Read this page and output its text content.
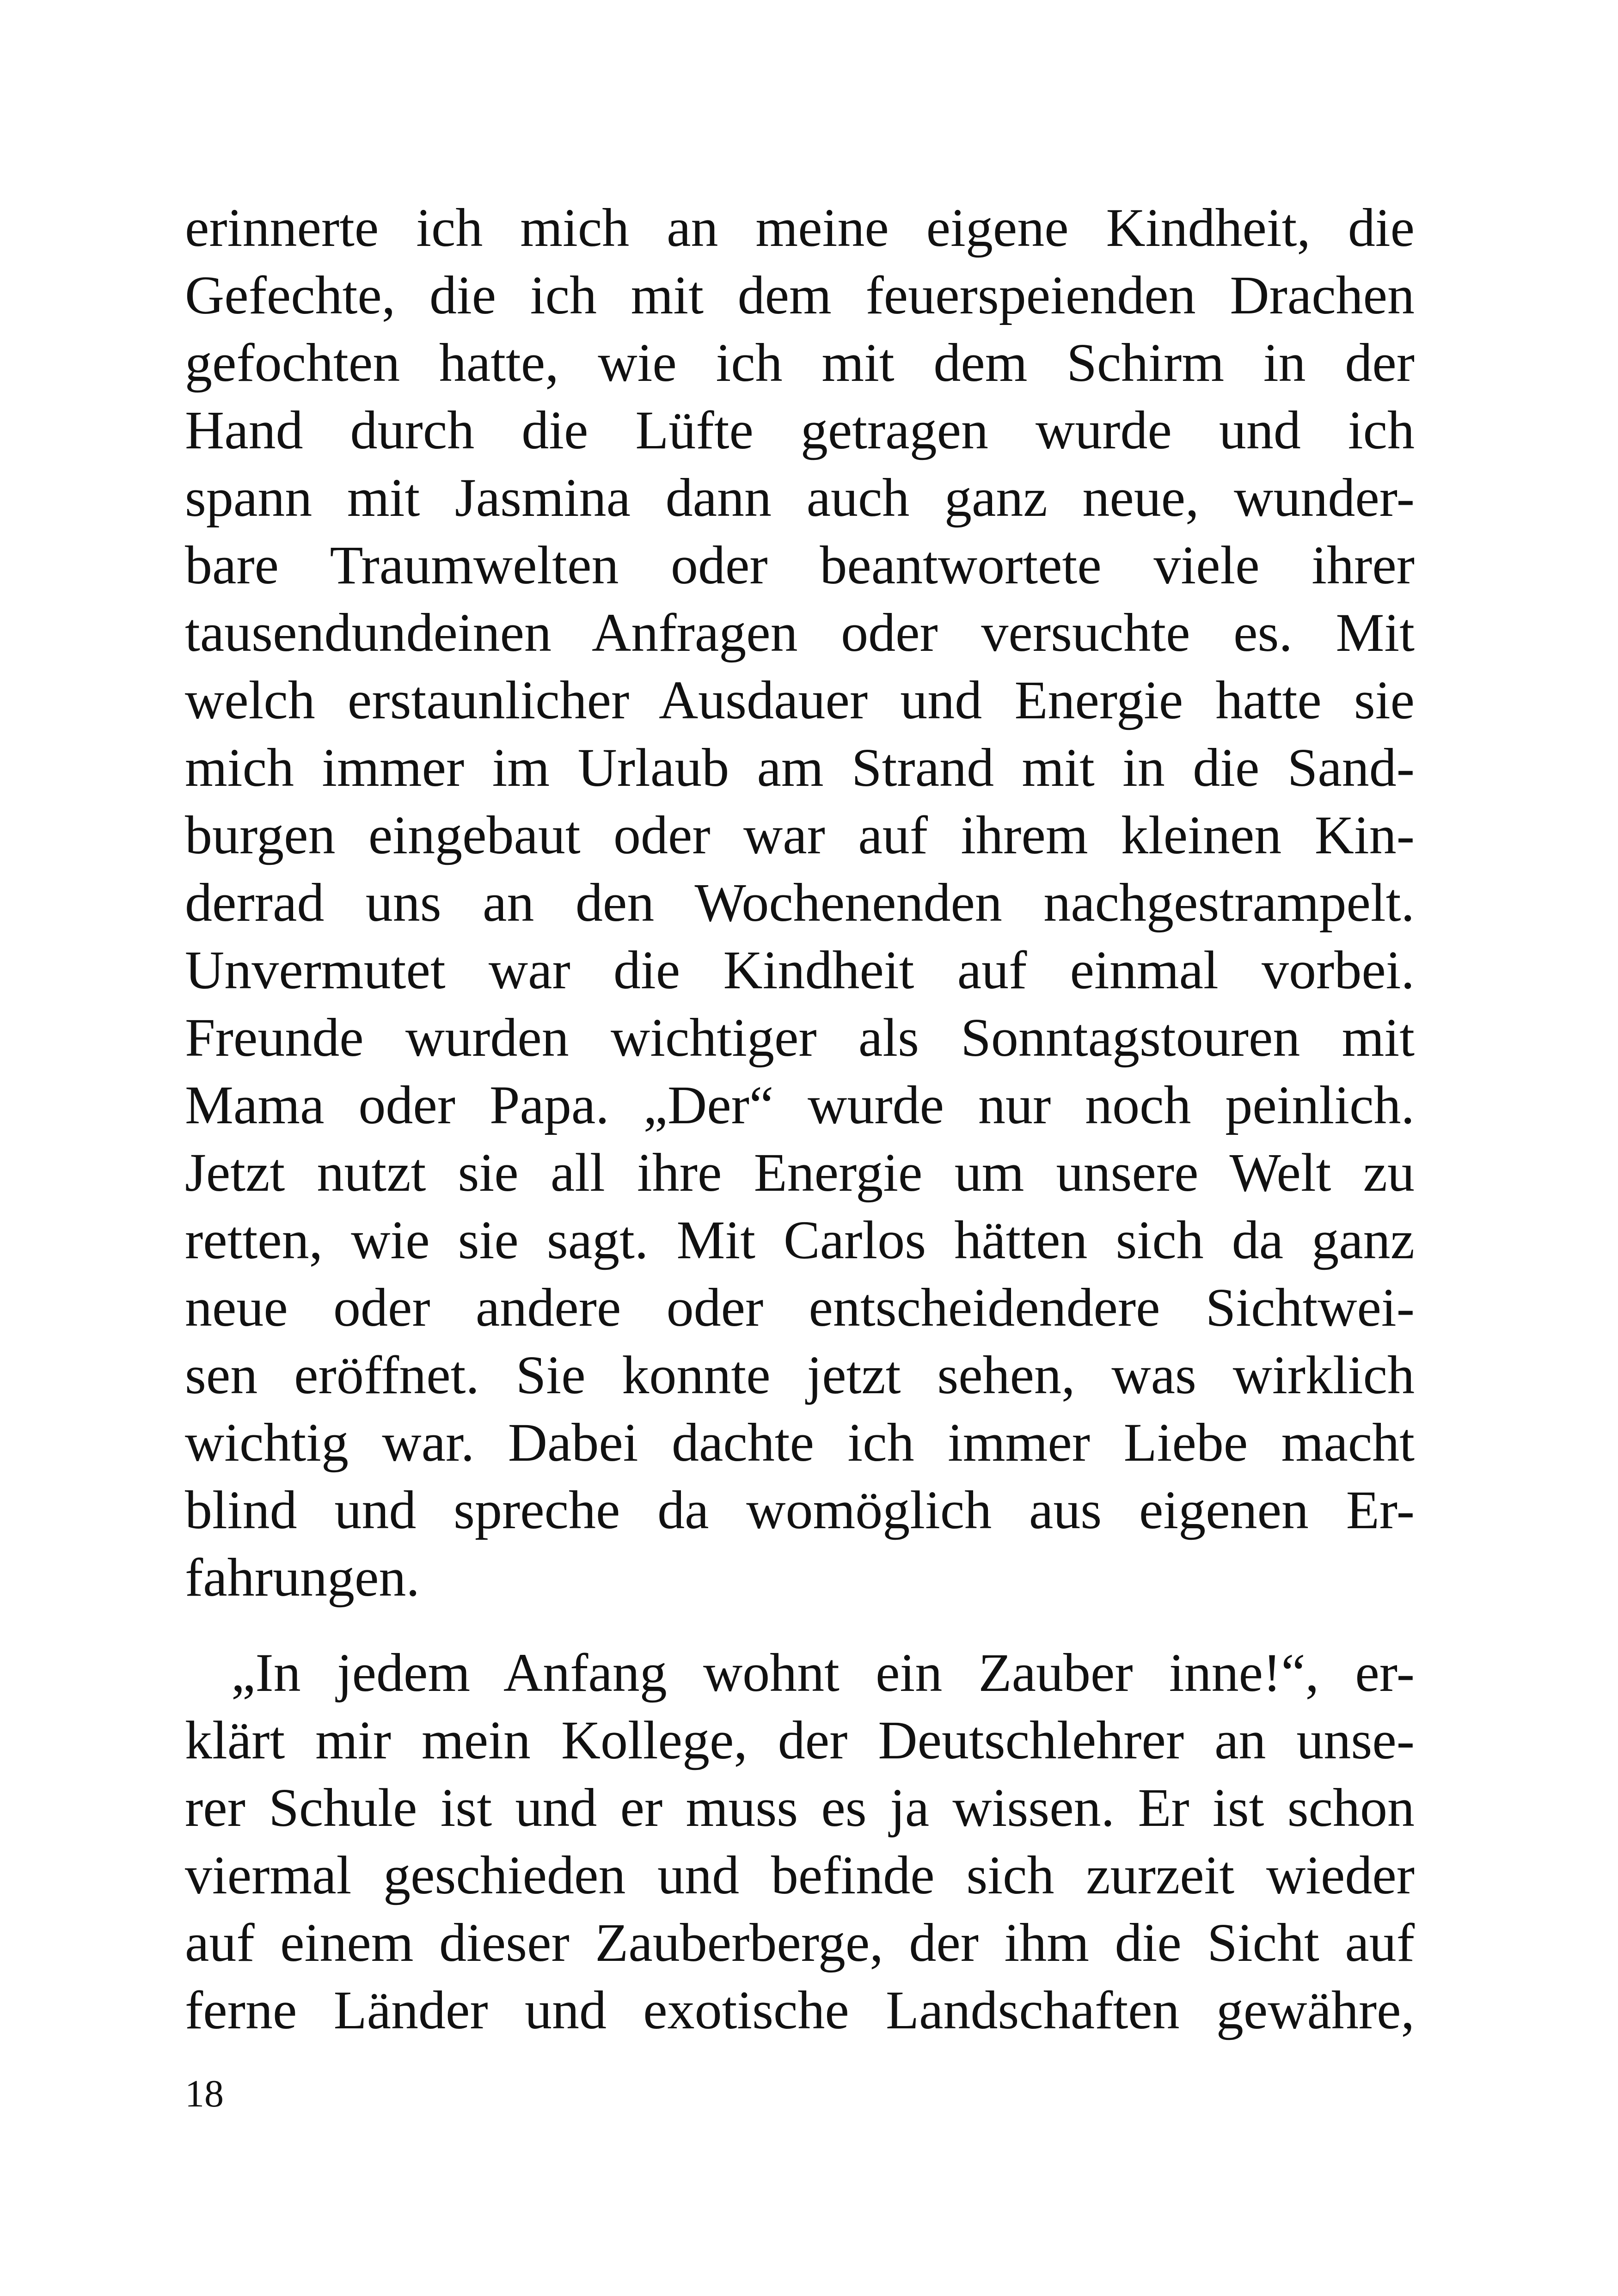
erinnerte ich mich an meine eigene Kindheit, die
Gefechte, die ich mit dem feuerspeienden Drachen
gefochten hatte, wie ich mit dem Schirm in der
Hand durch die Lüfte getragen wurde und ich
spann mit Jasmina dann auch ganz neue, wunder-
bare Traumwelten oder beantwortete viele ihrer
tausendundeinen Anfragen oder versuchte es. Mit
welch erstaunlicher Ausdauer und Energie hatte sie
mich immer im Urlaub am Strand mit in die Sand-
burgen eingebaut oder war auf ihrem kleinen Kin-
derrad uns an den Wochenenden nachgestrampelt.
Unvermutet war die Kindheit auf einmal vorbei.
Freunde wurden wichtiger als Sonntagstouren mit
Mama oder Papa. „Der“ wurde nur noch peinlich.
Jetzt nutzt sie all ihre Energie um unsere Welt zu
retten, wie sie sagt. Mit Carlos hätten sich da ganz
neue oder andere oder entscheidendere Sichtwei-
sen eröffnet. Sie konnte jetzt sehen, was wirklich
wichtig war. Dabei dachte ich immer Liebe macht
blind und spreche da womöglich aus eigenen Er-
fahrungen.
„In jedem Anfang wohnt ein Zauber inne!“, er-
klärt mir mein Kollege, der Deutschlehrer an unse-
rer Schule ist und er muss es ja wissen. Er ist schon
viermal geschieden und befinde sich zurzeit wieder
auf einem dieser Zauberberge, der ihm die Sicht auf
ferne Länder und exotische Landschaften gewähre,
18
